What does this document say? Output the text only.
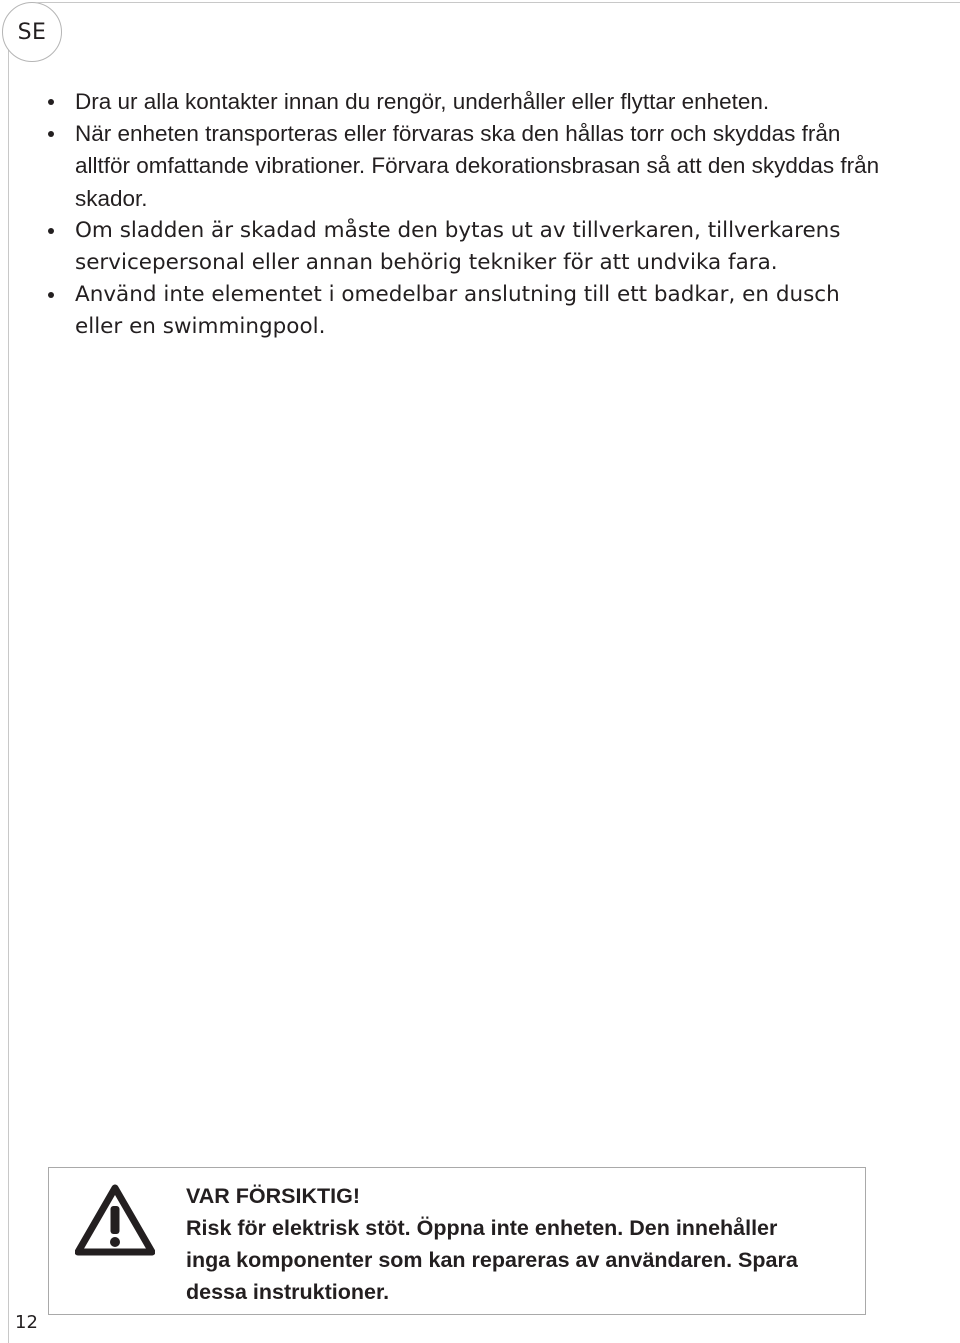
SE
Dra ur alla kontakter innan du rengör, underhåller eller flyttar enheten.
När enheten transporteras eller förvaras ska den hållas torr och skyddas från alltför omfattande vibrationer. Förvara dekorationsbrasan så att den skyddas från skador.
Om sladden är skadad måste den bytas ut av tillverkaren, tillverkarens servicepersonal eller annan behörig tekniker för att undvika fara.
Använd inte elementet i omedelbar anslutning till ett badkar, en dusch eller en swimmingpool.
VAR FÖRSIKTIG!
Risk för elektrisk stöt. Öppna inte enheten. Den innehåller inga komponenter som kan repareras av användaren. Spara dessa instruktioner.
12
